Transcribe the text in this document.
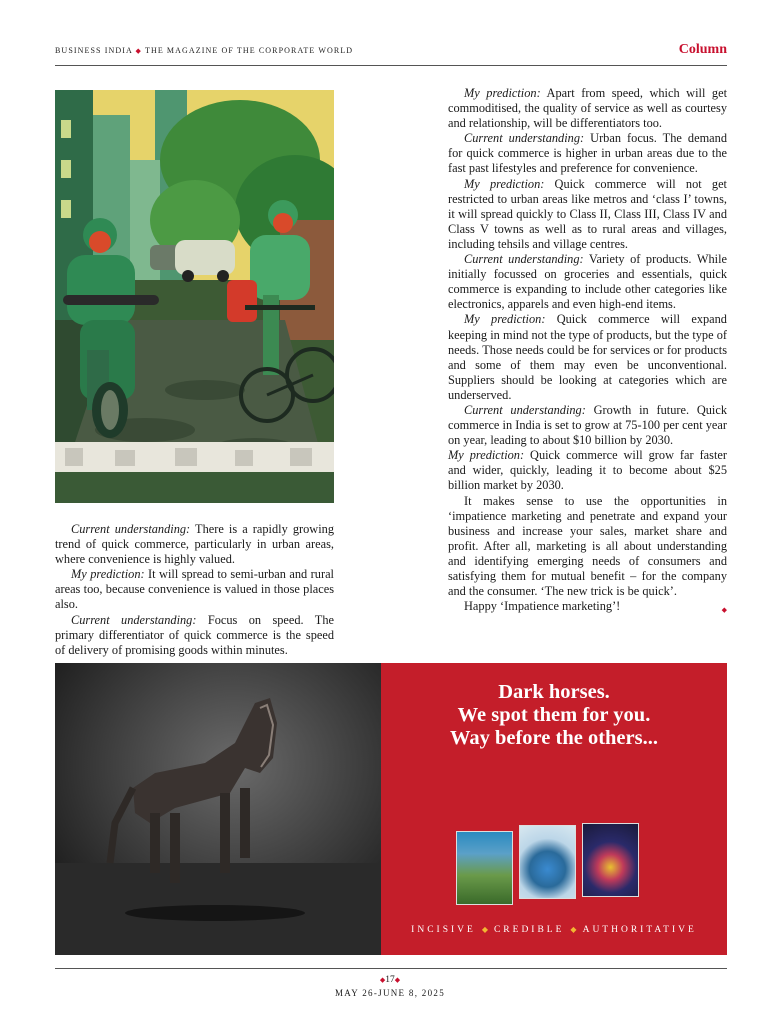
BUSINESS INDIA ◆ THE MAGAZINE OF THE CORPORATE WORLD	Column

Current understanding: There is a rapidly growing trend of quick commerce, particularly in urban areas, where convenience is highly valued.

My prediction: It will spread to semi-urban and rural areas too, because convenience is valued in those places also.

Current understanding: Focus on speed. The primary differentiator of quick commerce is the speed of delivery of promising goods within minutes.

My prediction: Apart from speed, which will get commoditised, the quality of service as well as courtesy and relationship, will be differentiators too.

Current understanding: Urban focus. The demand for quick commerce is higher in urban areas due to the fast past lifestyles and preference for convenience.

My prediction: Quick commerce will not get restricted to urban areas like metros and ‘class I’ towns, it will spread quickly to Class II, Class III, Class IV and Class V towns as well as to rural areas and villages, including tehsils and village centres.

Current understanding: Variety of products. While initially focussed on groceries and essentials, quick commerce is expanding to include other categories like electronics, apparels and even high-end items.

My prediction: Quick commerce will expand keeping in mind not the type of products, but the type of needs. Those needs could be for services or for products and some of them may even be unconventional. Suppliers should be looking at categories which are underserved.

Current understanding: Growth in future. Quick commerce in India is set to grow at 75-100 per cent year on year, leading to about $10 billion by 2030.

My prediction: Quick commerce will grow far faster and wider, quickly, leading it to become about $25 billion market by 2030.

It makes sense to use the opportunities in ‘impatience marketing and penetrate and expand your business and increase your sales, market share and profit. After all, marketing is all about understanding and identifying emerging needs of consumers and satisfying them for mutual benefit – for the company and the consumer. ‘The new trick is be quick’.

Happy ‘Impatience marketing’!	◆

Dark horses.
We spot them for you.
Way before the others...
INCISIVE ◆ CREDIBLE ◆ AUTHORITATIVE
◆17◆
MAY 26-JUNE 8, 2025
